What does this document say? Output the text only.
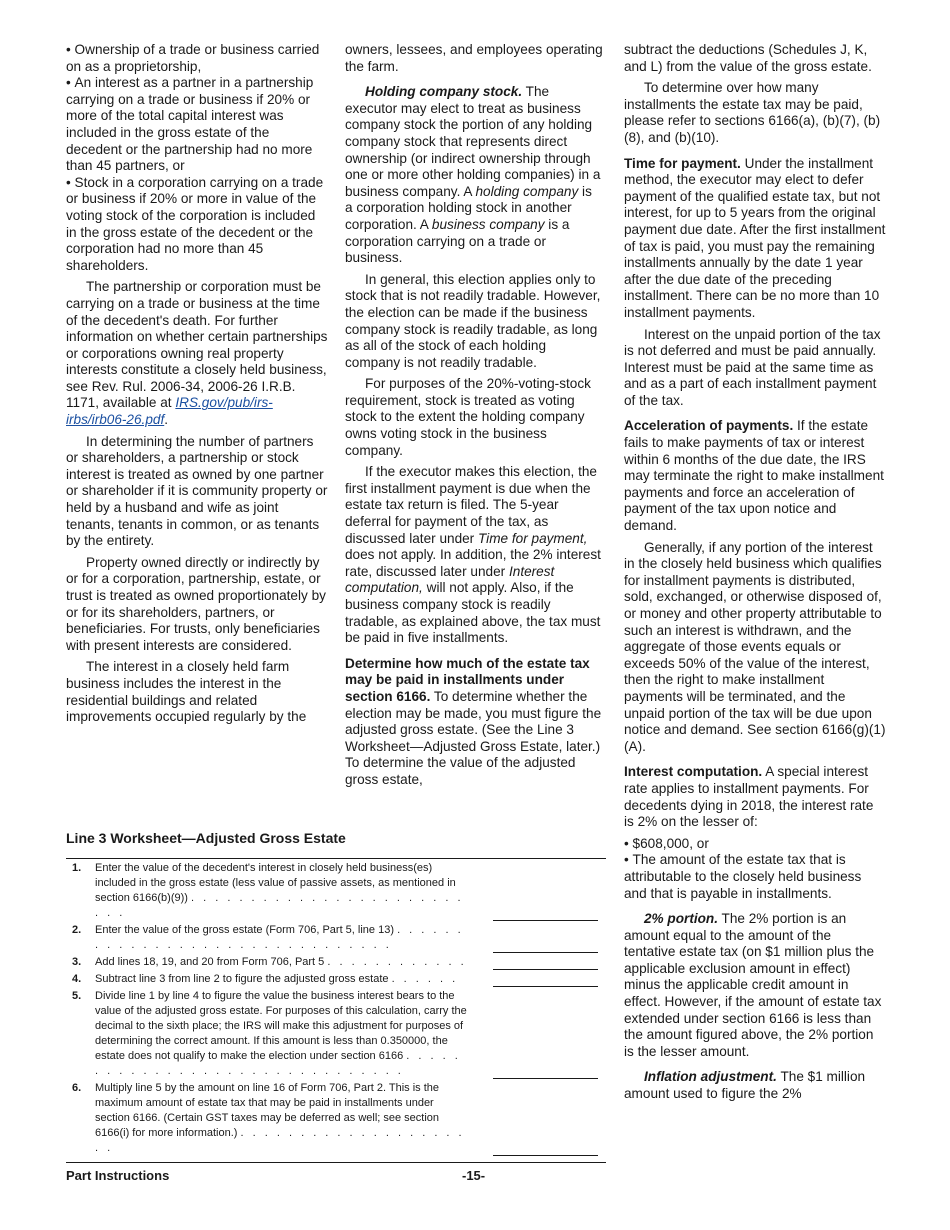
• Ownership of a trade or business carried on as a proprietorship,

• An interest as a partner in a partnership carrying on a trade or business if 20% or more of the total capital interest was included in the gross estate of the decedent or the partnership had no more than 45 partners, or

• Stock in a corporation carrying on a trade or business if 20% or more in value of the voting stock of the corporation is included in the gross estate of the decedent or the corporation had no more than 45 shareholders.

The partnership or corporation must be carrying on a trade or business at the time of the decedent's death. For further information on whether certain partnerships or corporations owning real property interests constitute a closely held business, see Rev. Rul. 2006-34, 2006-26 I.R.B. 1171, available at IRS.gov/pub/irs-irbs/irb06-26.pdf.

In determining the number of partners or shareholders, a partnership or stock interest is treated as owned by one partner or shareholder if it is community property or held by a husband and wife as joint tenants, tenants in common, or as tenants by the entirety.

Property owned directly or indirectly by or for a corporation, partnership, estate, or trust is treated as owned proportionately by or for its shareholders, partners, or beneficiaries. For trusts, only beneficiaries with present interests are considered.

The interest in a closely held farm business includes the interest in the residential buildings and related improvements occupied regularly by the

owners, lessees, and employees operating the farm.

Holding company stock. The executor may elect to treat as business company stock the portion of any holding company stock that represents direct ownership (or indirect ownership through one or more other holding companies) in a business company. A holding company is a corporation holding stock in another corporation. A business company is a corporation carrying on a trade or business.

In general, this election applies only to stock that is not readily tradable. However, the election can be made if the business company stock is readily tradable, as long as all of the stock of each holding company is not readily tradable.

For purposes of the 20%-voting-stock requirement, stock is treated as voting stock to the extent the holding company owns voting stock in the business company.

If the executor makes this election, the first installment payment is due when the estate tax return is filed. The 5-year deferral for payment of the tax, as discussed later under Time for payment, does not apply. In addition, the 2% interest rate, discussed later under Interest computation, will not apply. Also, if the business company stock is readily tradable, as explained above, the tax must be paid in five installments.

Determine how much of the estate tax may be paid in installments under section 6166. To determine whether the election may be made, you must figure the adjusted gross estate. (See the Line 3 Worksheet—Adjusted Gross Estate, later.) To determine the value of the adjusted gross estate,

subtract the deductions (Schedules J, K, and L) from the value of the gross estate.

To determine over how many installments the estate tax may be paid, please refer to sections 6166(a), (b)(7), (b)(8), and (b)(10).

Time for payment. Under the installment method, the executor may elect to defer payment of the qualified estate tax, but not interest, for up to 5 years from the original payment due date. After the first installment of tax is paid, you must pay the remaining installments annually by the date 1 year after the due date of the preceding installment. There can be no more than 10 installment payments.

Interest on the unpaid portion of the tax is not deferred and must be paid annually. Interest must be paid at the same time as and as a part of each installment payment of the tax.

Acceleration of payments. If the estate fails to make payments of tax or interest within 6 months of the due date, the IRS may terminate the right to make installment payments and force an acceleration of payment of the tax upon notice and demand.

Generally, if any portion of the interest in the closely held business which qualifies for installment payments is distributed, sold, exchanged, or otherwise disposed of, or money and other property attributable to such an interest is withdrawn, and the aggregate of those events equals or exceeds 50% of the value of the interest, then the right to make installment payments will be terminated, and the unpaid portion of the tax will be due upon notice and demand. See section 6166(g)(1)(A).

Interest computation. A special interest rate applies to installment payments. For decedents dying in 2018, the interest rate is 2% on the lesser of:

• $608,000, or

• The amount of the estate tax that is attributable to the closely held business and that is payable in installments.

2% portion. The 2% portion is an amount equal to the amount of the tentative estate tax (on $1 million plus the applicable exclusion amount in effect) minus the applicable credit amount in effect. However, if the amount of estate tax extended under section 6166 is less than the amount figured above, the 2% portion is the lesser amount.

Inflation adjustment. The $1 million amount used to figure the 2%

Line 3 Worksheet—Adjusted Gross Estate
1.	Enter the value of the decedent's interest in closely held business(es) included in the gross estate (less value of passive assets, as mentioned in section 6166(b)(9)) . . . . . . . . . . . . . . . . . . . . . . . . . .
2.	Enter the value of the gross estate (Form 706, Part 5, line 13) . . . . . . . . . . . . . . . . . . . . . . . . . . . . . . .
3.	Add lines 18, 19, and 20 from Form 706, Part 5 . . . . . . . . . . . .
4.	Subtract line 3 from line 2 to figure the adjusted gross estate . . . . . .
5.	Divide line 1 by line 4 to figure the value the business interest bears to the value of the adjusted gross estate. For purposes of this calculation, carry the decimal to the sixth place; the IRS will make this adjustment for purposes of determining the correct amount. If this amount is less than 0.350000, the estate does not qualify to make the election under section 6166 . . . . . . . . . . . . . . . . . . . . . . . . . . . . . . .
6.	Multiply line 5 by the amount on line 16 of Form 706, Part 2. This is the maximum amount of estate tax that may be paid in installments under section 6166. (Certain GST taxes may be deferred as well; see section 6166(i) for more information.) . . . . . . . . . . . . . . . . . . . . .
Part Instructions	-15-
